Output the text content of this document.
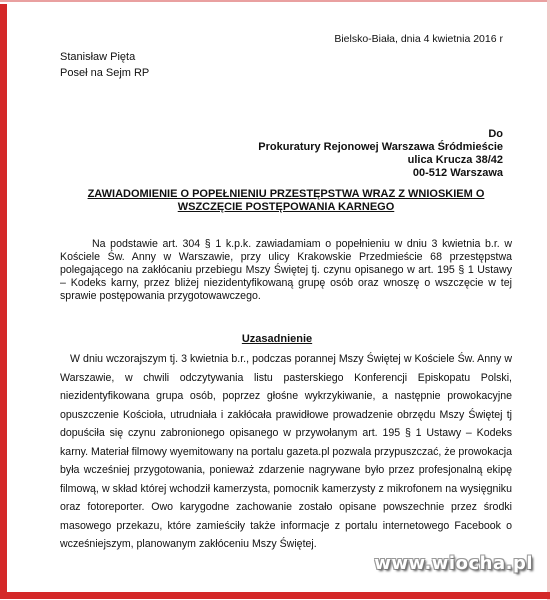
Bielsko-Biała, dnia 4 kwietnia 2016 r
Stanisław Pięta
Poseł na Sejm RP
Do
Prokuratury Rejonowej Warszawa Śródmieście
ulica Krucza 38/42
00-512 Warszawa
ZAWIADOMIENIE O POPEŁNIENIU PRZESTĘPSTWA WRAZ Z WNIOSKIEM O
WSZCZĘCIE POSTĘPOWANIA KARNEGO
Na podstawie art. 304 § 1 k.p.k. zawiadamiam o popełnieniu w dniu 3 kwietnia b.r. w Kościele Św. Anny w Warszawie, przy ulicy Krakowskie Przedmieście 68 przestępstwa polegającego na zakłócaniu przebiegu Mszy Świętej tj. czynu opisanego w art. 195 § 1 Ustawy – Kodeks karny, przez bliżej niezidentyfikowaną grupę osób oraz wnoszę o wszczęcie w tej sprawie postępowania przygotowawczego.
Uzasadnienie
W dniu wczorajszym tj. 3 kwietnia b.r., podczas porannej Mszy Świętej w Kościele Św. Anny w Warszawie, w chwili odczytywania listu pasterskiego Konferencji Episkopatu Polski, niezidentyfikowana grupa osób, poprzez głośne wykrzykiwanie, a następnie prowokacyjne opuszczenie Kościoła, utrudniała i zakłócała prawidłowe prowadzenie obrzędu Mszy Świętej tj dopuściła się czynu zabronionego opisanego w przywołanym art. 195 § 1 Ustawy – Kodeks karny. Materiał filmowy wyemitowany na portalu gazeta.pl pozwala przypuszczać, że prowokacja była wcześniej przygotowania, ponieważ zdarzenie nagrywane było przez profesjonalną ekipę filmową, w skład której wchodził kamerzysta, pomocnik kamerzysty z mikrofonem na wysięgniku oraz fotoreporter. Owo karygodne zachowanie zostało opisane powszechnie przez środki masowego przekazu, które zamieściły także informacje z portalu internetowego Facebook o wcześniejszym, planowanym zakłóceniu Mszy Świętej.
www.wiocha.pl
